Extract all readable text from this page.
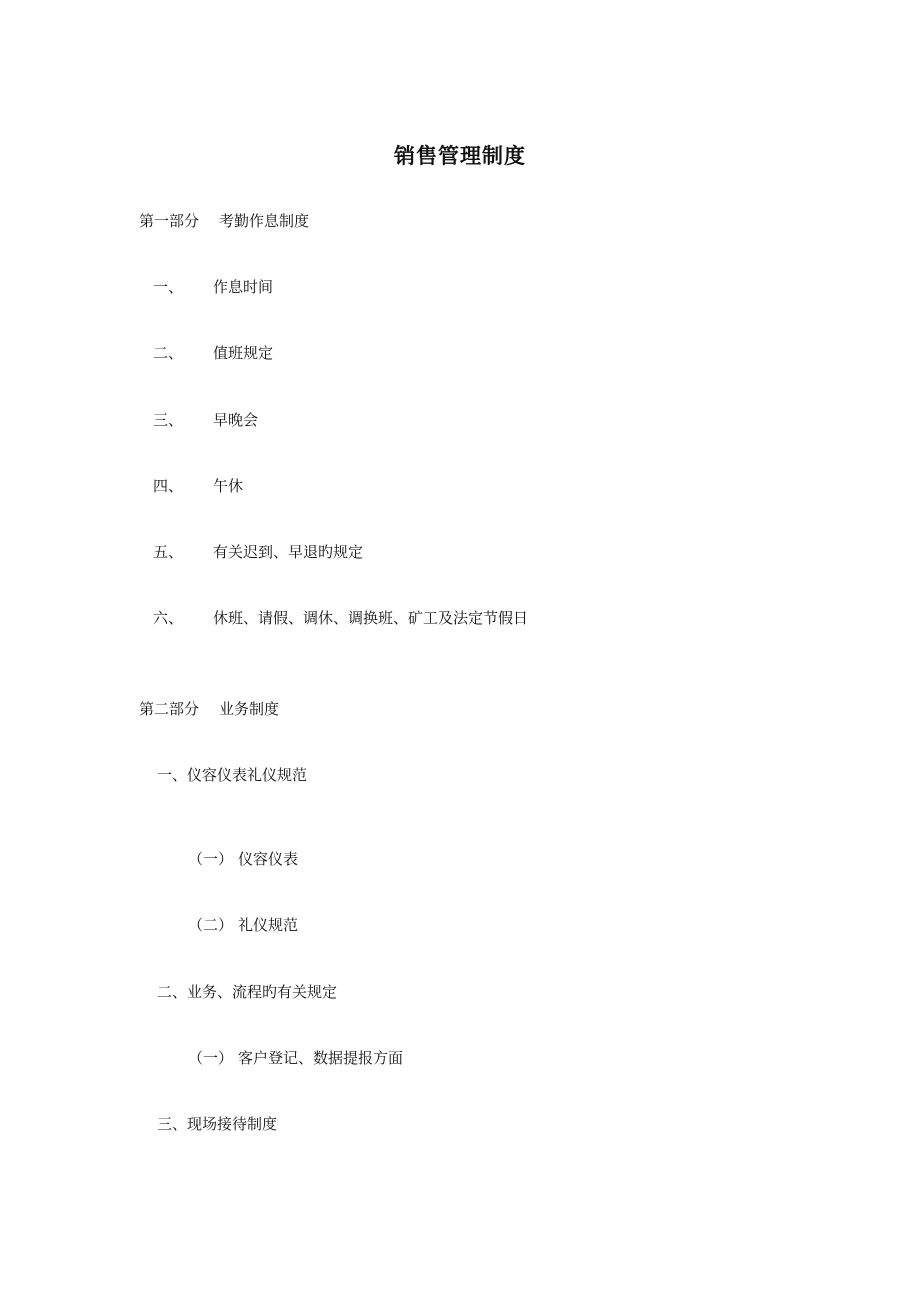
销售管理制度
第一部分 考勤作息制度
一、 作息时间
二、 值班规定
三、 早晚会
四、 午休
五、 有关迟到、早退旳规定
六、 休班、请假、调休、调换班、矿工及法定节假日
第二部分 业务制度
一、仪容仪表礼仪规范
（一） 仪容仪表
（二） 礼仪规范
二、业务、流程旳有关规定
（一） 客户登记、数据提报方面
三、现场接待制度
